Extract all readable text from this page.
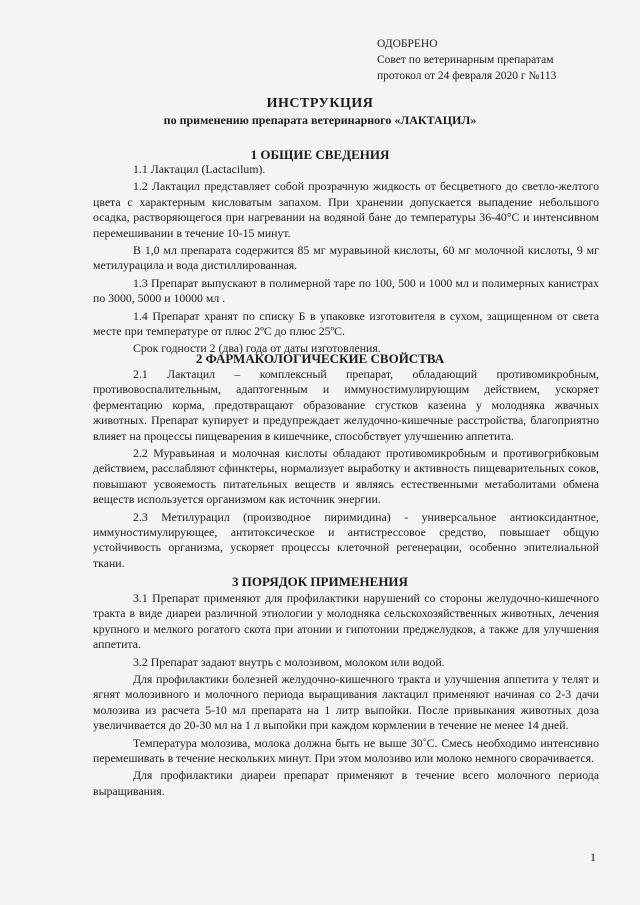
ОДОБРЕНО
Совет по ветеринарным препаратам
протокол от 24 февраля 2020 г №113
ИНСТРУКЦИЯ
по применению препарата ветеринарного «ЛАКТАЦИЛ»
1 ОБЩИЕ СВЕДЕНИЯ

1.1 Лактацил (Lactacilum).

1.2 Лактацил представляет собой прозрачную жидкость от бесцветного до светло-желтого цвета с характерным кисловатым запахом. При хранении допускается выпадение небольшого осадка, растворяющегося при нагревании на водяной бане до температуры 36-40°С и интенсивном перемешивании в течение 10-15 минут.

В 1,0 мл препарата содержится 85 мг муравьиной кислоты, 60 мг молочной кислоты, 9 мг метилурацила и вода дистиллированная.

1.3 Препарат выпускают в полимерной таре по 100, 500 и 1000 мл и полимерных канистрах по 3000, 5000 и 10000 мл .

1.4 Препарат хранят по списку Б в упаковке изготовителя в сухом, защищенном от света месте при температуре от плюс 2ºС до плюс 25ºС.

Срок годности 2 (два) года от даты изготовления.

2 ФАРМАКОЛОГИЧЕСКИЕ СВОЙСТВА

2.1 Лактацил – комплексный препарат, обладающий противомикробным, противовоспалительным, адаптогенным и иммуностимулирующим действием, ускоряет ферментацию корма, предотвращают образование сгустков казеина у молодняка жвачных животных. Препарат купирует и предупреждает желудочно-кишечные расстройства, благоприятно влияет на процессы пищеварения в кишечнике, способствует улучшению аппетита.

2.2 Муравьиная и молочная кислоты обладают противомикробным и противогрибковым действием, расслабляют сфинктеры, нормализует выработку и активность пищеварительных соков, повышают усвояемость питательных веществ и являясь естественными метаболитами обмена веществ используется организмом как источник энергии.

2.3 Метилурацил (производное пиримидина) - универсальное антиоксидантное, иммуностимулирующее, антитоксическое и антистрессовое средство, повышает общую устойчивость организма, ускоряет процессы клеточной регенерации, особенно эпителиальной ткани.

3 ПОРЯДОК ПРИМЕНЕНИЯ

3.1 Препарат применяют для профилактики нарушений со стороны желудочно-кишечного тракта в виде диареи различной этиологии у молодняка сельскохозяйственных животных, лечения крупного и мелкого рогатого скота при атонии и гипотонии преджелудков, а также для улучшения аппетита.

3.2 Препарат задают внутрь с молозивом, молоком или водой.

Для профилактики болезней желудочно-кишечного тракта и улучшения аппетита у телят и ягнят молозивного и молочного периода выращивания лактацил применяют начиная со 2-3 дачи молозива из расчета 5-10 мл препарата на 1 литр выпойки. После привыкания животных доза увеличивается до 20-30 мл на 1 л выпойки при каждом кормлении в течение не менее 14 дней.

Температура молозива, молока должна быть не выше 30˚С. Смесь необходимо интенсивно перемешивать в течение нескольких минут. При этом молозиво или молоко немного сворачивается.

Для профилактики диареи препарат применяют в течение всего молочного периода выращивания.

1
